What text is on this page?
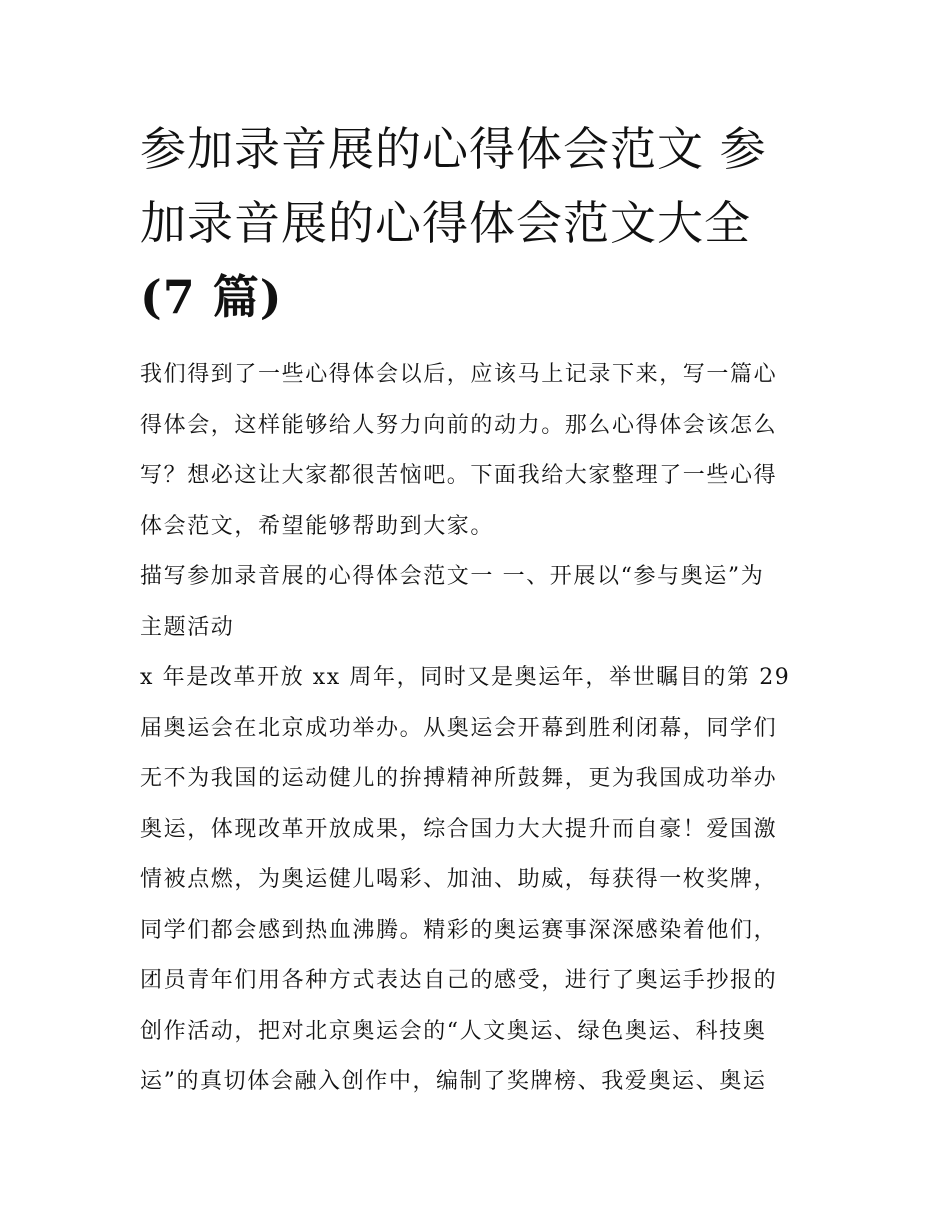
参加录音展的心得体会范文 参
加录音展的心得体会范文大全
(7 篇)
我们得到了一些心得体会以后，应该马上记录下来，写一篇心
得体会，这样能够给人努力向前的动力。那么心得体会该怎么
写？想必这让大家都很苦恼吧。下面我给大家整理了一些心得
体会范文，希望能够帮助到大家。
描写参加录音展的心得体会范文一 一、开展以“参与奥运”为
主题活动
x 年是改革开放 xx 周年，同时又是奥运年，举世瞩目的第 29
届奥运会在北京成功举办。从奥运会开幕到胜利闭幕，同学们
无不为我国的运动健儿的拚搏精神所鼓舞，更为我国成功举办
奥运，体现改革开放成果，综合国力大大提升而自豪！爱国激
情被点燃，为奥运健儿喝彩、加油、助威，每获得一枚奖牌，
同学们都会感到热血沸腾。精彩的奥运赛事深深感染着他们，
团员青年们用各种方式表达自己的感受，进行了奥运手抄报的
创作活动，把对北京奥运会的“人文奥运、绿色奥运、科技奥
运”的真切体会融入创作中，编制了奖牌榜、我爱奥运、奥运
